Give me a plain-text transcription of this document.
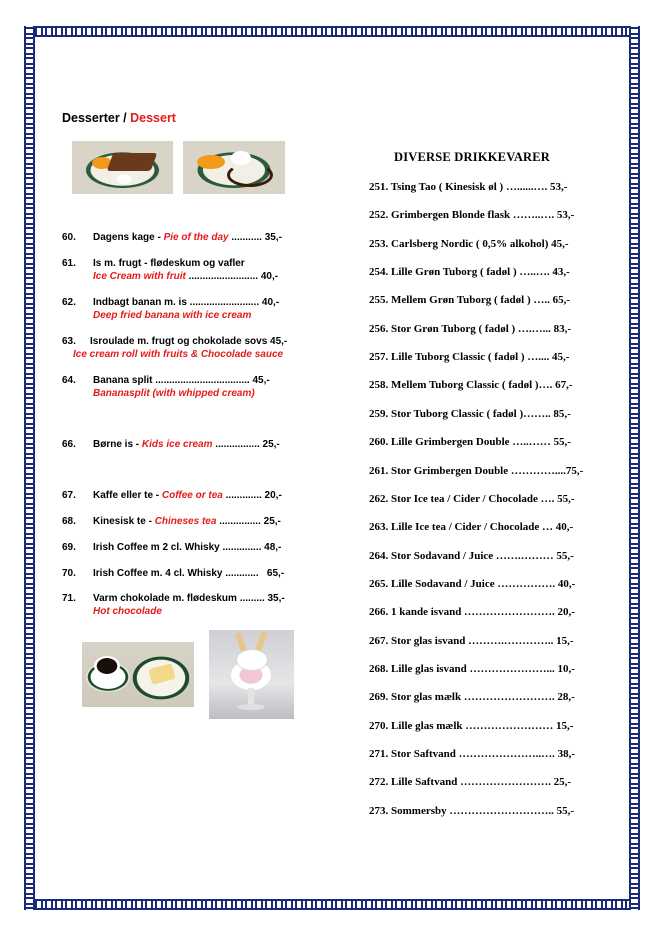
Desserter / Dessert
60. Dagens kage - Pie of the day ........... 35,-
61. Is m. frugt - flødeskum og vafler
Ice Cream with fruit ......................... 40,-
62. Indbagt banan m. is ......................... 40,-
Deep fried banana with ice cream
63. Isroulade m. frugt og chokolade sovs 45,-
Ice cream roll with fruits & Chocolade sauce
64. Banana split .................................. 45,-
Bananasplit (with whipped cream)
66. Børne is - Kids ice cream ................ 25,-
67. Kaffe eller te - Coffee or tea ............. 20,-
68. Kinesisk te - Chineses tea ............... 25,-
69. Irish Coffee m 2 cl. Whisky .............. 48,-
70. Irish Coffee m. 4 cl. Whisky ............   65,-
71. Varm chokolade m. flødeskum ......... 35,-
Hot chocolade
DIVERSE DRIKKEVARER
251. Tsing Tao ( Kinesisk øl ) …......…. 53,-
252. Grimbergen Blonde flask ……..…. 53,-
253. Carlsberg Nordic ( 0,5% alkohol) 45,-
254. Lille Grøn Tuborg ( fadøl ) …..…. 43,-
255. Mellem Grøn Tuborg ( fadøl ) ….. 65,-
256. Stor Grøn Tuborg ( fadøl ) ….…... 83,-
257. Lille Tuborg Classic ( fadøl ) ….... 45,-
258. Mellem Tuborg Classic ( fadøl )…. 67,-
259. Stor Tuborg Classic ( fadøl )…….. 85,-
260. Lille Grimbergen Double …..…… 55,-
261. Stor Grimbergen Double …………....75,-
262. Stor Ice tea / Cider / Chocolade …. 55,-
263. Lille Ice tea / Cider / Chocolade … 40,-
264. Stor Sodavand / Juice …….……… 55,-
265. Lille Sodavand / Juice ……………. 40,-
266. 1 kande isvand ……………………. 20,-
267. Stor glas isvand ……….………….. 15,-
268. Lille glas isvand …………………... 10,-
269. Stor glas mælk ……………………. 28,-
270. Lille glas mælk …………………… 15,-
271. Stor Saftvand …………………..…. 38,-
272. Lille Saftvand ……………………. 25,-
273. Sommersby ……………………….. 55,-
